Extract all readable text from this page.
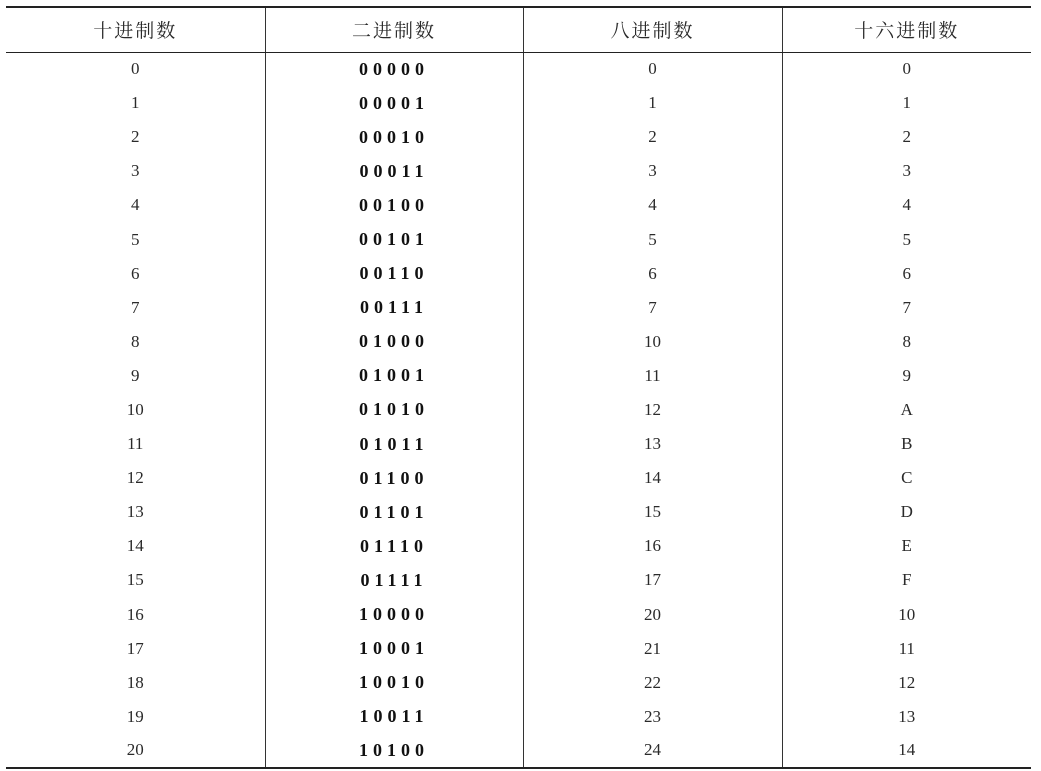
十进制数	二进制数	八进制数	十六进制数
0	00000	0	0
1	00001	1	1
2	00010	2	2
3	00011	3	3
4	00100	4	4
5	00101	5	5
6	00110	6	6
7	00111	7	7
8	01000	10	8
9	01001	11	9
10	01010	12	A
11	01011	13	B
12	01100	14	C
13	01101	15	D
14	01110	16	E
15	01111	17	F
16	10000	20	10
17	10001	21	11
18	10010	22	12
19	10011	23	13
20	10100	24	14
